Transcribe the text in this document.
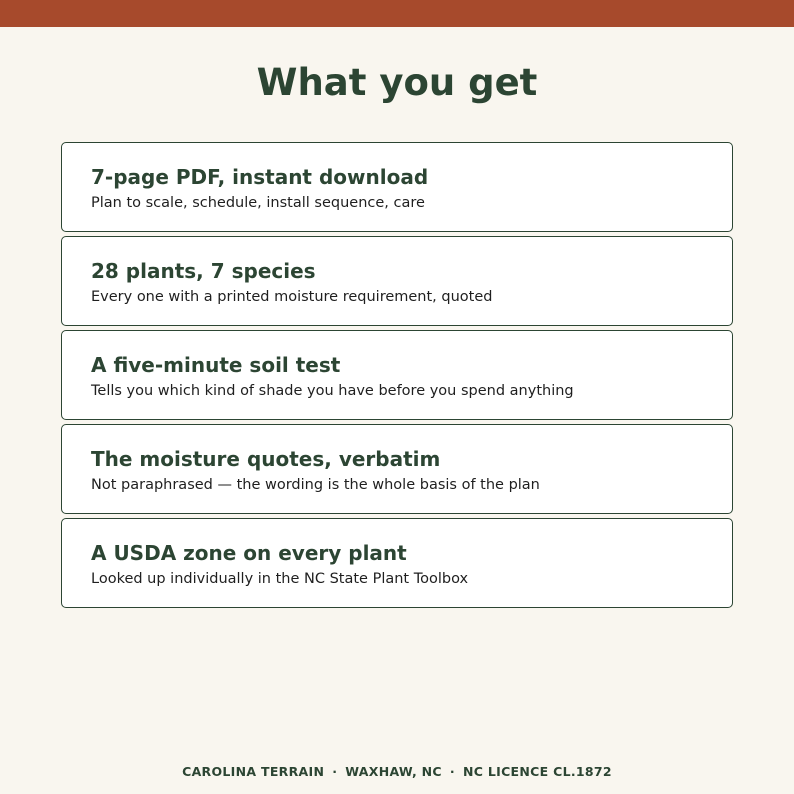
What you get

7-page PDF, instant download

Plan to scale, schedule, install sequence, care

28 plants, 7 species

Every one with a printed moisture requirement, quoted

A five-minute soil test

Tells you which kind of shade you have before you spend anything

The moisture quotes, verbatim

Not paraphrased — the wording is the whole basis of the plan

A USDA zone on every plant

Looked up individually in the NC State Plant Toolbox

CAROLINA TERRAIN · WAXHAW, NC · NC LICENCE CL.1872
